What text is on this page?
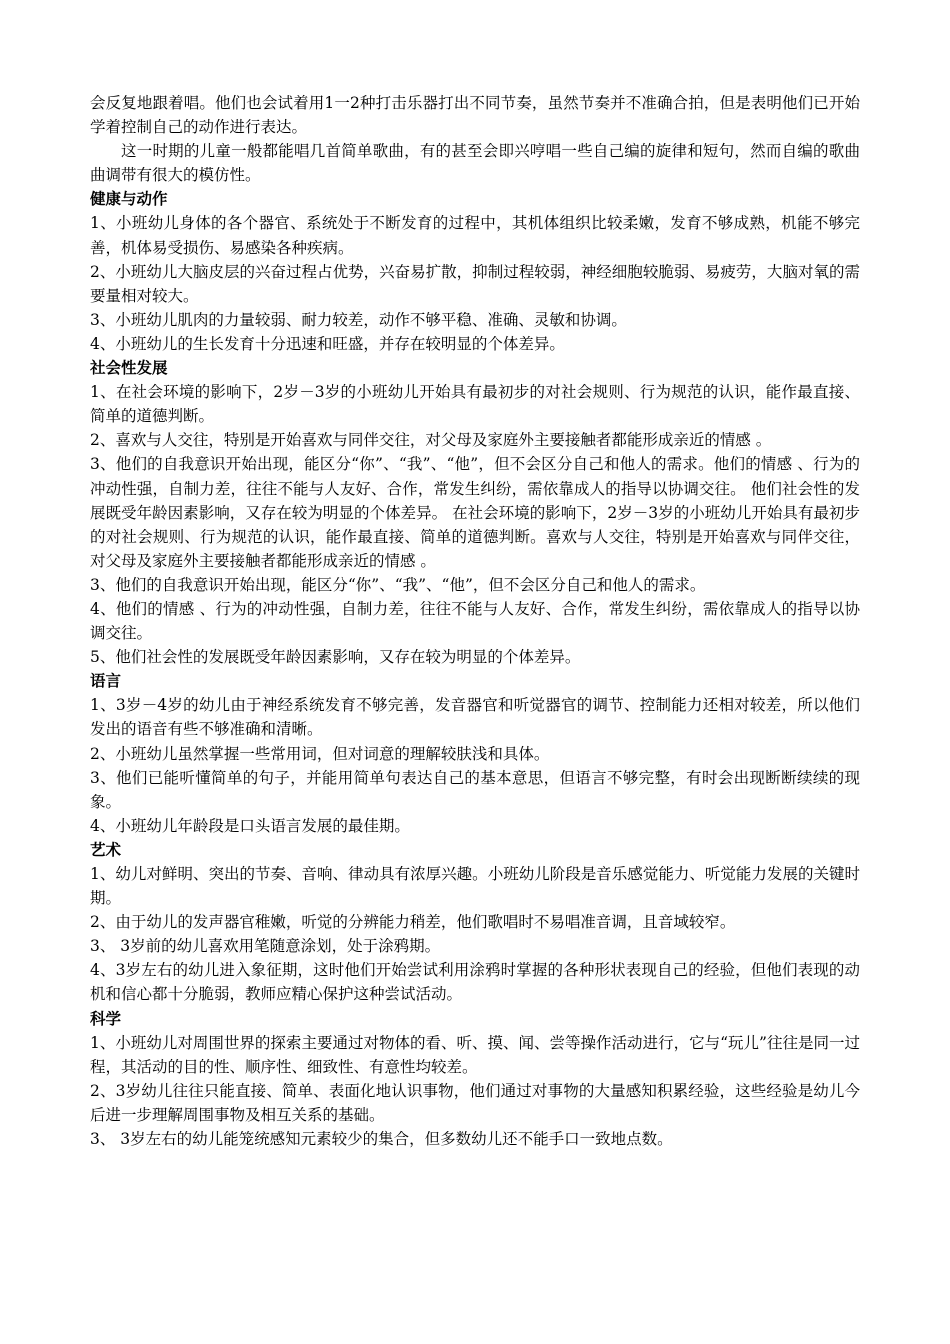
会反复地跟着唱。他们也会试着用1一2种打击乐器打出不同节奏，虽然节奏并不准确合拍，但是表明他们已开始学着控制自己的动作进行表达。

这一时期的儿童一般都能唱几首简单歌曲，有的甚至会即兴哼唱一些自己编的旋律和短句，然而自编的歌曲曲调带有很大的模仿性。

健康与动作

1、小班幼儿身体的各个器官、系统处于不断发育的过程中，其机体组织比较柔嫩，发育不够成熟，机能不够完善，机体易受损伤、易感染各种疾病。

2、小班幼儿大脑皮层的兴奋过程占优势，兴奋易扩散，抑制过程较弱，神经细胞较脆弱、易疲劳，大脑对氧的需要量相对较大。

3、小班幼儿肌肉的力量较弱、耐力较差，动作不够平稳、准确、灵敏和协调。

4、小班幼儿的生长发育十分迅速和旺盛，并存在较明显的个体差异。

社会性发展

1、在社会环境的影响下，2岁－3岁的小班幼儿开始具有最初步的对社会规则、行为规范的认识，能作最直接、简单的道德判断。

2、喜欢与人交往，特别是开始喜欢与同伴交往，对父母及家庭外主要接触者都能形成亲近的情感 。

3、他们的自我意识开始出现，能区分“你”、“我”、“他”，但不会区分自己和他人的需求。他们的情感 、行为的冲动性强，自制力差，往往不能与人友好、合作，常发生纠纷，需依靠成人的指导以协调交往。 他们社会性的发展既受年龄因素影响，又存在较为明显的个体差异。 在社会环境的影响下，2岁－3岁的小班幼儿开始具有最初步的对社会规则、行为规范的认识，能作最直接、简单的道德判断。喜欢与人交往，特别是开始喜欢与同伴交往，对父母及家庭外主要接触者都能形成亲近的情感 。

3、他们的自我意识开始出现，能区分“你”、“我”、“他”，但不会区分自己和他人的需求。

4、他们的情感 、行为的冲动性强，自制力差，往往不能与人友好、合作，常发生纠纷，需依靠成人的指导以协调交往。

5、他们社会性的发展既受年龄因素影响，又存在较为明显的个体差异。

语言

1、3岁－4岁的幼儿由于神经系统发育不够完善，发音器官和听觉器官的调节、控制能力还相对较差，所以他们发出的语音有些不够准确和清晰。

2、小班幼儿虽然掌握一些常用词，但对词意的理解较肤浅和具体。

3、他们已能听懂简单的句子，并能用简单句表达自己的基本意思，但语言不够完整，有时会出现断断续续的现象。

4、小班幼儿年龄段是口头语言发展的最佳期。

艺术

1、幼儿对鲜明、突出的节奏、音响、律动具有浓厚兴趣。小班幼儿阶段是音乐感觉能力、听觉能力发展的关键时期。

2、由于幼儿的发声器官稚嫩，听觉的分辨能力稍差，他们歌唱时不易唱准音调，且音域较窄。

3、 3岁前的幼儿喜欢用笔随意涂划，处于涂鸦期。

4、3岁左右的幼儿进入象征期，这时他们开始尝试利用涂鸦时掌握的各种形状表现自己的经验，但他们表现的动机和信心都十分脆弱，教师应精心保护这种尝试活动。

科学

1、小班幼儿对周围世界的探索主要通过对物体的看、听、摸、闻、尝等操作活动进行，它与“玩儿”往往是同一过程，其活动的目的性、顺序性、细致性、有意性均较差。

2、3岁幼儿往往只能直接、简单、表面化地认识事物，他们通过对事物的大量感知积累经验，这些经验是幼儿今后进一步理解周围事物及相互关系的基础。

3、 3岁左右的幼儿能笼统感知元素较少的集合，但多数幼儿还不能手口一致地点数。
